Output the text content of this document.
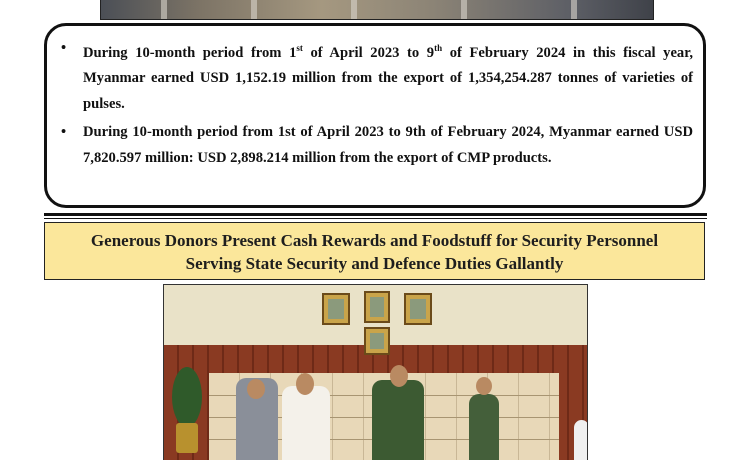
• During 10-month period from 1st of April 2023 to 9th of February 2024 in this fiscal year, Myanmar earned USD 1,152.19 million from the export of 1,354,254.287 tonnes of varieties of pulses.
• During 10-month period from 1st of April 2023 to 9th of February 2024, Myanmar earned USD 7,820.597 million: USD 2,898.214 million from the export of CMP products.
Generous Donors Present Cash Rewards and Foodstuff for Security Personnel
Serving State Security and Defence Duties Gallantly
